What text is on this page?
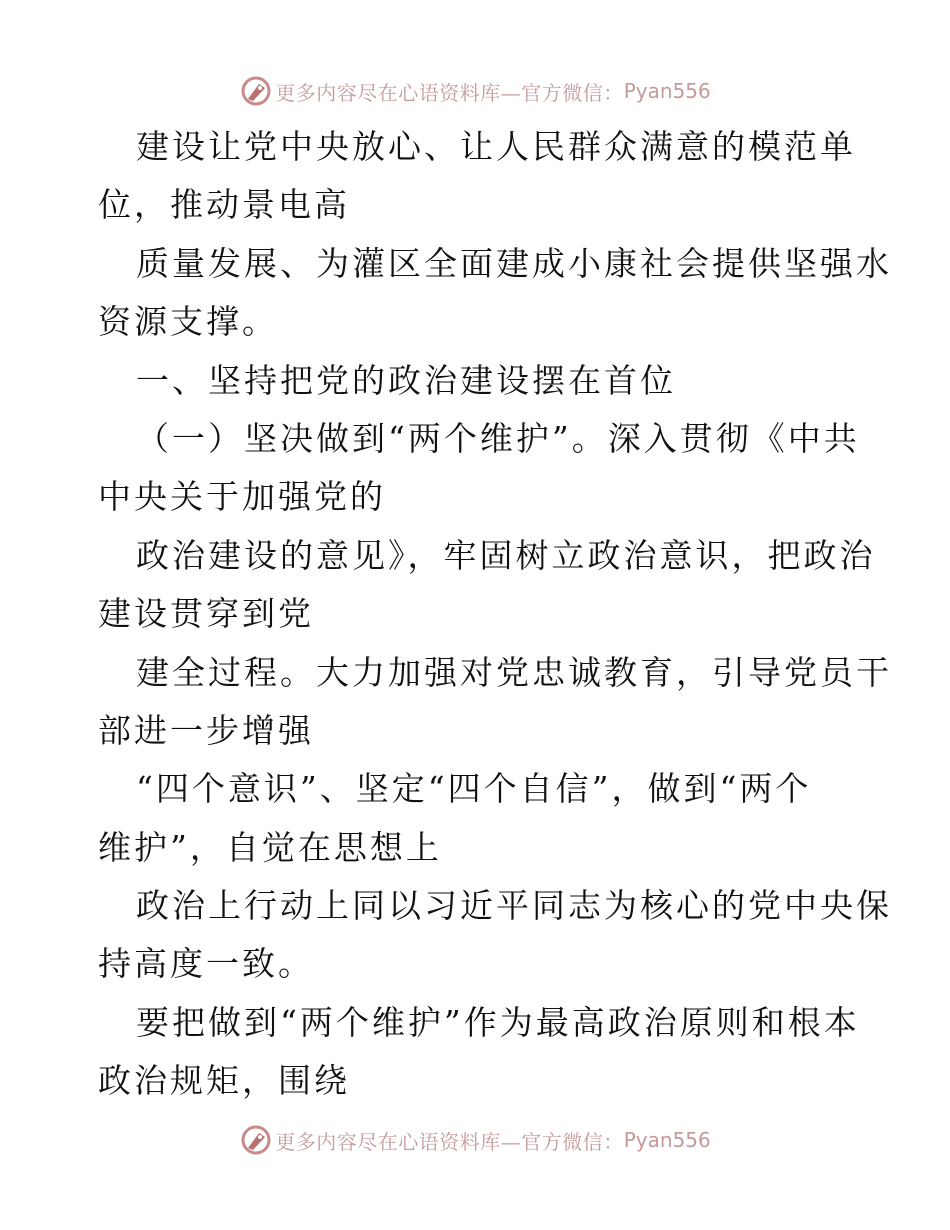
更多内容尽在心语资料库—官方微信： Pyan556
建设让党中央放心、让人民群众满意的模范单
位，推动景电高
质量发展、为灌区全面建成小康社会提供坚强水
资源支撑。
一、坚持把党的政治建设摆在首位
（一）坚决做到“两个维护”。深入贯彻《中共
中央关于加强党的
政治建设的意见》，牢固树立政治意识，把政治
建设贯穿到党
建全过程。大力加强对党忠诚教育，引导党员干
部进一步增强
“四个意识”、坚定“四个自信”，做到“两个
维护”，自觉在思想上
政治上行动上同以习近平同志为核心的党中央保
持高度一致。
要把做到“两个维护”作为最高政治原则和根本
政治规矩，围绕
更多内容尽在心语资料库—官方微信： Pyan556
